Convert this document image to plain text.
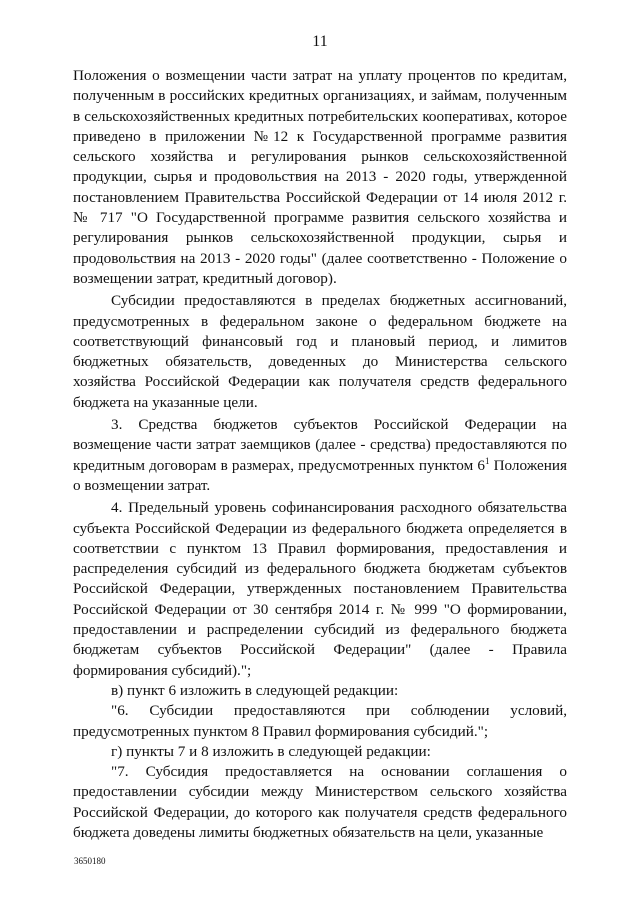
11

Положения о возмещении части затрат на уплату процентов по кредитам, полученным в российских кредитных организациях, и займам, полученным в сельскохозяйственных кредитных потребительских кооперативах, которое приведено в приложении №12 к Государственной программе развития сельского хозяйства и регулирования рынков сельскохозяйственной продукции, сырья и продовольствия на 2013 - 2020 годы, утвержденной постановлением Правительства Российской Федерации от 14 июля 2012 г. № 717 "О Государственной программе развития сельского хозяйства и регулирования рынков сельскохозяйственной продукции, сырья и продовольствия на 2013 - 2020 годы" (далее соответственно - Положение о возмещении затрат, кредитный договор).

Субсидии предоставляются в пределах бюджетных ассигнований, предусмотренных в федеральном законе о федеральном бюджете на соответствующий финансовый год и плановый период, и лимитов бюджетных обязательств, доведенных до Министерства сельского хозяйства Российской Федерации как получателя средств федерального бюджета на указанные цели.

3. Средства бюджетов субъектов Российской Федерации на возмещение части затрат заемщиков (далее - средства) предоставляются по кредитным договорам в размерах, предусмотренных пунктом $6^1$ Положения о возмещении затрат.

4. Предельный уровень софинансирования расходного обязательства субъекта Российской Федерации из федерального бюджета определяется в соответствии с пунктом 13 Правил формирования, предоставления и распределения субсидий из федерального бюджета бюджетам субъектов Российской Федерации, утвержденных постановлением Правительства Российской Федерации от 30 сентября 2014 г. № 999 "О формировании, предоставлении и распределении субсидий из федерального бюджета бюджетам субъектов Российской Федерации" (далее - Правила формирования субсидий).";

в) пункт 6 изложить в следующей редакции:

"6. Субсидии предоставляются при соблюдении условий, предусмотренных пунктом 8 Правил формирования субсидий.";

г) пункты 7 и 8 изложить в следующей редакции:

"7. Субсидия предоставляется на основании соглашения о предоставлении субсидии между Министерством сельского хозяйства Российской Федерации, до которого как получателя средств федерального бюджета доведены лимиты бюджетных обязательств на цели, указанные

3650180
